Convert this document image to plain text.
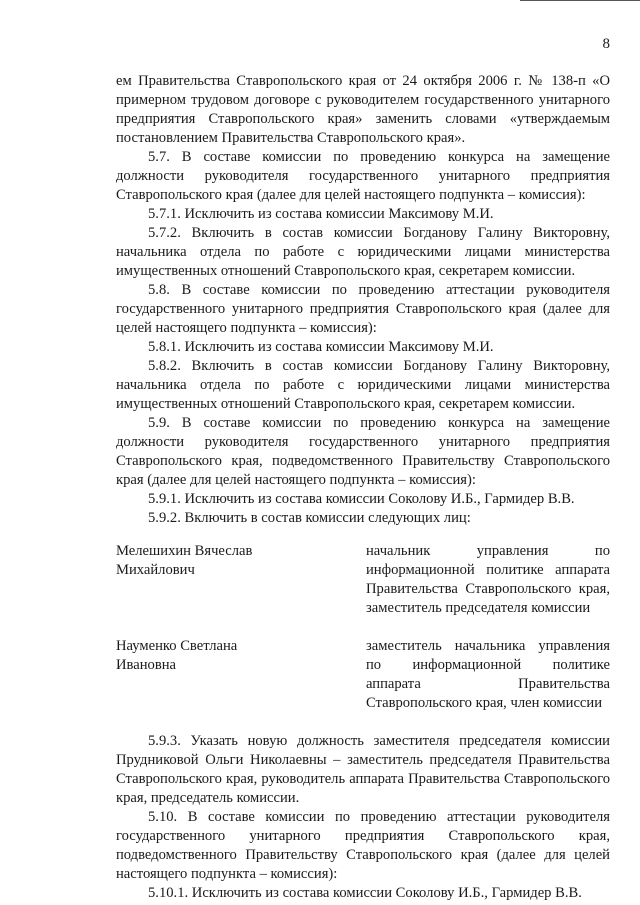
8

ем Правительства Ставропольского края от 24 октября 2006 г. № 138-п «О примерном трудовом договоре с руководителем государственного унитарного предприятия Ставропольского края» заменить словами «утверждаемым постановлением Правительства Ставропольского края».

5.7. В составе комиссии по проведению конкурса на замещение должности руководителя государственного унитарного предприятия Ставропольского края (далее для целей настоящего подпункта – комиссия):

5.7.1. Исключить из состава комиссии Максимову М.И.

5.7.2. Включить в состав комиссии Богданову Галину Викторовну, начальника отдела по работе с юридическими лицами министерства имущественных отношений Ставропольского края, секретарем комиссии.

5.8. В составе комиссии по проведению аттестации руководителя государственного унитарного предприятия Ставропольского края (далее для целей настоящего подпункта – комиссия):

5.8.1. Исключить из состава комиссии Максимову М.И.

5.8.2. Включить в состав комиссии Богданову Галину Викторовну, начальника отдела по работе с юридическими лицами министерства имущественных отношений Ставропольского края, секретарем комиссии.

5.9. В составе комиссии по проведению конкурса на замещение должности руководителя государственного унитарного предприятия Ставропольского края, подведомственного Правительству Ставропольского края (далее для целей настоящего подпункта – комиссия):

5.9.1. Исключить из состава комиссии Соколову И.Б., Гармидер В.В.

5.9.2. Включить в состав комиссии следующих лиц:

Мелешихин Вячеслав
Михайлович
начальник управления по информационной политике аппарата Правительства Ставропольского края, заместитель председателя комиссии
Науменко Светлана
Ивановна
заместитель начальника управления по информационной политике аппарата Правительства Ставропольского края, член комиссии

5.9.3. Указать новую должность заместителя председателя комиссии Прудниковой Ольги Николаевны – заместитель председателя Правительства Ставропольского края, руководитель аппарата Правительства Ставропольского края, председатель комиссии.

5.10. В составе комиссии по проведению аттестации руководителя государственного унитарного предприятия Ставропольского края, подведомственного Правительству Ставропольского края (далее для целей настоящего подпункта – комиссия):

5.10.1. Исключить из состава комиссии Соколову И.Б., Гармидер В.В.
